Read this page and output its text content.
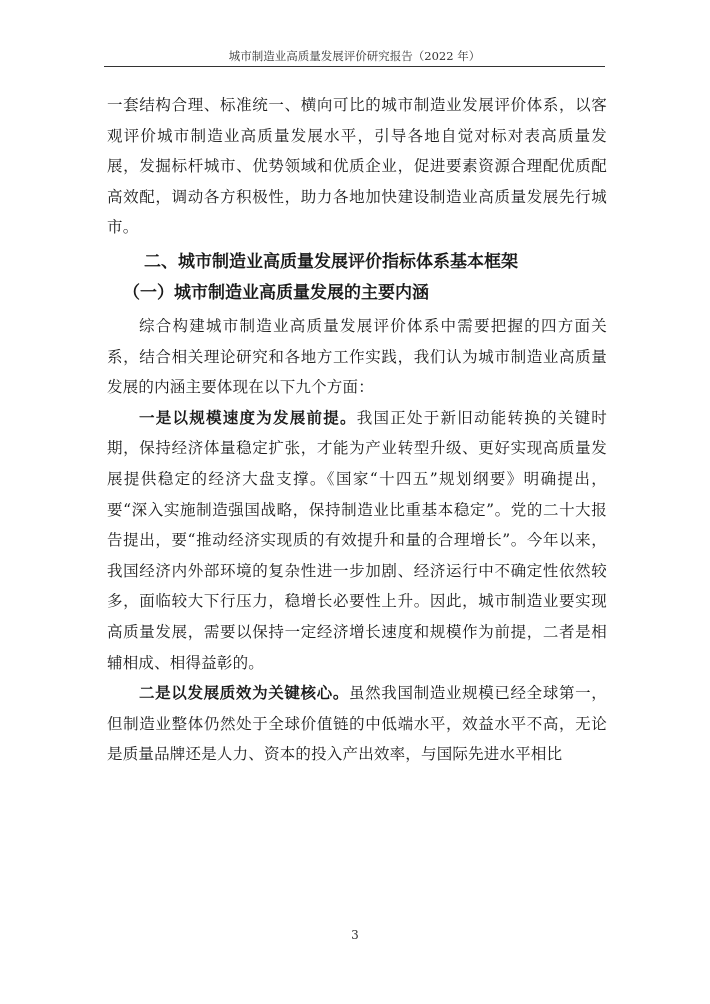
城市制造业高质量发展评价研究报告（2022 年）

一套结构合理、标准统一、横向可比的城市制造业发展评价体系，以客观评价城市制造业高质量发展水平，引导各地自觉对标对表高质量发展，发掘标杆城市、优势领域和优质企业，促进要素资源合理配优质配高效配，调动各方积极性，助力各地加快建设制造业高质量发展先行城市。

二、城市制造业高质量发展评价指标体系基本框架

（一）城市制造业高质量发展的主要内涵

综合构建城市制造业高质量发展评价体系中需要把握的四方面关系，结合相关理论研究和各地方工作实践，我们认为城市制造业高质量发展的内涵主要体现在以下九个方面：

一是以规模速度为发展前提。我国正处于新旧动能转换的关键时期，保持经济体量稳定扩张，才能为产业转型升级、更好实现高质量发展提供稳定的经济大盘支撑。《国家“十四五”规划纲要》明确提出，要“深入实施制造强国战略，保持制造业比重基本稳定”。党的二十大报告提出，要“推动经济实现质的有效提升和量的合理增长”。今年以来，我国经济内外部环境的复杂性进一步加剧、经济运行中不确定性依然较多，面临较大下行压力，稳增长必要性上升。因此，城市制造业要实现高质量发展，需要以保持一定经济增长速度和规模作为前提，二者是相辅相成、相得益彰的。

二是以发展质效为关键核心。虽然我国制造业规模已经全球第一，但制造业整体仍然处于全球价值链的中低端水平，效益水平不高，无论是质量品牌还是人力、资本的投入产出效率，与国际先进水平相比

3
